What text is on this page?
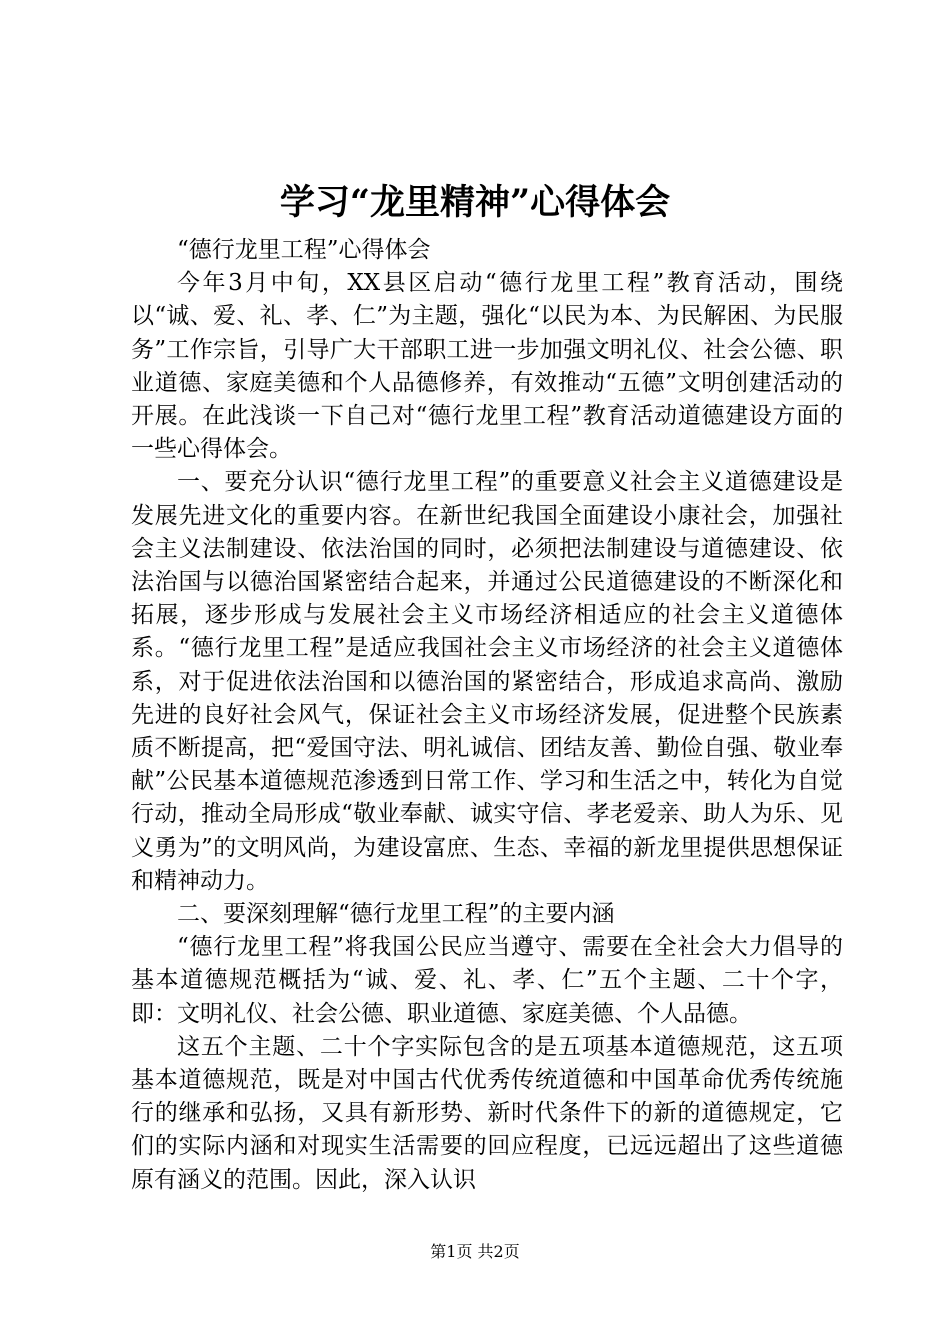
学习“龙里精神”心得体会

“德行龙里工程”心得体会

今年3月中旬，XX县区启动“德行龙里工程”教育活动，围绕以“诚、爱、礼、孝、仁”为主题，强化“以民为本、为民解困、为民服务”工作宗旨，引导广大干部职工进一步加强文明礼仪、社会公德、职业道德、家庭美德和个人品德修养，有效推动“五德”文明创建活动的开展。在此浅谈一下自己对“德行龙里工程”教育活动道德建设方面的一些心得体会。

一、要充分认识“德行龙里工程”的重要意义社会主义道德建设是发展先进文化的重要内容。在新世纪我国全面建设小康社会，加强社会主义法制建设、依法治国的同时，必须把法制建设与道德建设、依法治国与以德治国紧密结合起来，并通过公民道德建设的不断深化和拓展，逐步形成与发展社会主义市场经济相适应的社会主义道德体系。“德行龙里工程”是适应我国社会主义市场经济的社会主义道德体系，对于促进依法治国和以德治国的紧密结合，形成追求高尚、激励先进的良好社会风气，保证社会主义市场经济发展，促进整个民族素质不断提高，把“爱国守法、明礼诚信、团结友善、勤俭自强、敬业奉献”公民基本道德规范渗透到日常工作、学习和生活之中，转化为自觉行动，推动全局形成“敬业奉献、诚实守信、孝老爱亲、助人为乐、见义勇为”的文明风尚，为建设富庶、生态、幸福的新龙里提供思想保证和精神动力。

二、要深刻理解“德行龙里工程”的主要内涵

“德行龙里工程”将我国公民应当遵守、需要在全社会大力倡导的基本道德规范概括为“诚、爱、礼、孝、仁”五个主题、二十个字，即：文明礼仪、社会公德、职业道德、家庭美德、个人品德。

这五个主题、二十个字实际包含的是五项基本道德规范，这五项基本道德规范，既是对中国古代优秀传统道德和中国革命优秀传统施行的继承和弘扬，又具有新形势、新时代条件下的新的道德规定，它们的实际内涵和对现实生活需要的回应程度，已远远超出了这些道德原有涵义的范围。因此，深入认识

第1页 共2页
